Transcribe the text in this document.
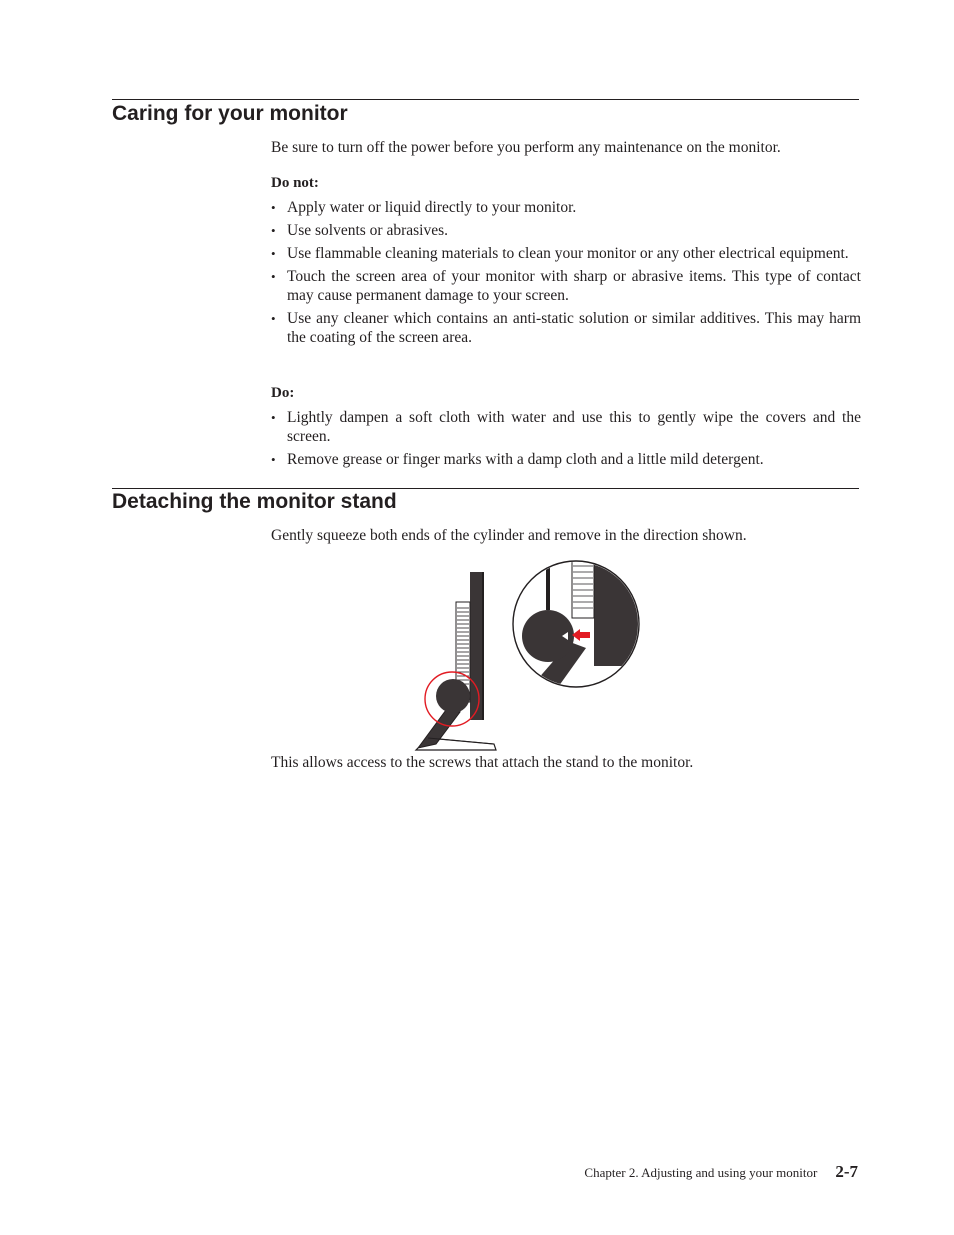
Caring for your monitor

Be sure to turn off the power before you perform any maintenance on the monitor.

Do not:

• Apply water or liquid directly to your monitor.
• Use solvents or abrasives.
• Use flammable cleaning materials to clean your monitor or any other electrical equipment.
• Touch the screen area of your monitor with sharp or abrasive items. This type of contact may cause permanent damage to your screen.
• Use any cleaner which contains an anti-static solution or similar additives. This may harm the coating of the screen area.

Do:

• Lightly dampen a soft cloth with water and use this to gently wipe the covers and the screen.
• Remove grease or finger marks with a damp cloth and a little mild detergent.
Detaching the monitor stand

Gently squeeze both ends of the cylinder and remove in the direction shown.

This allows access to the screws that attach the stand to the monitor.

Chapter 2. Adjusting and using your monitor 2-7
